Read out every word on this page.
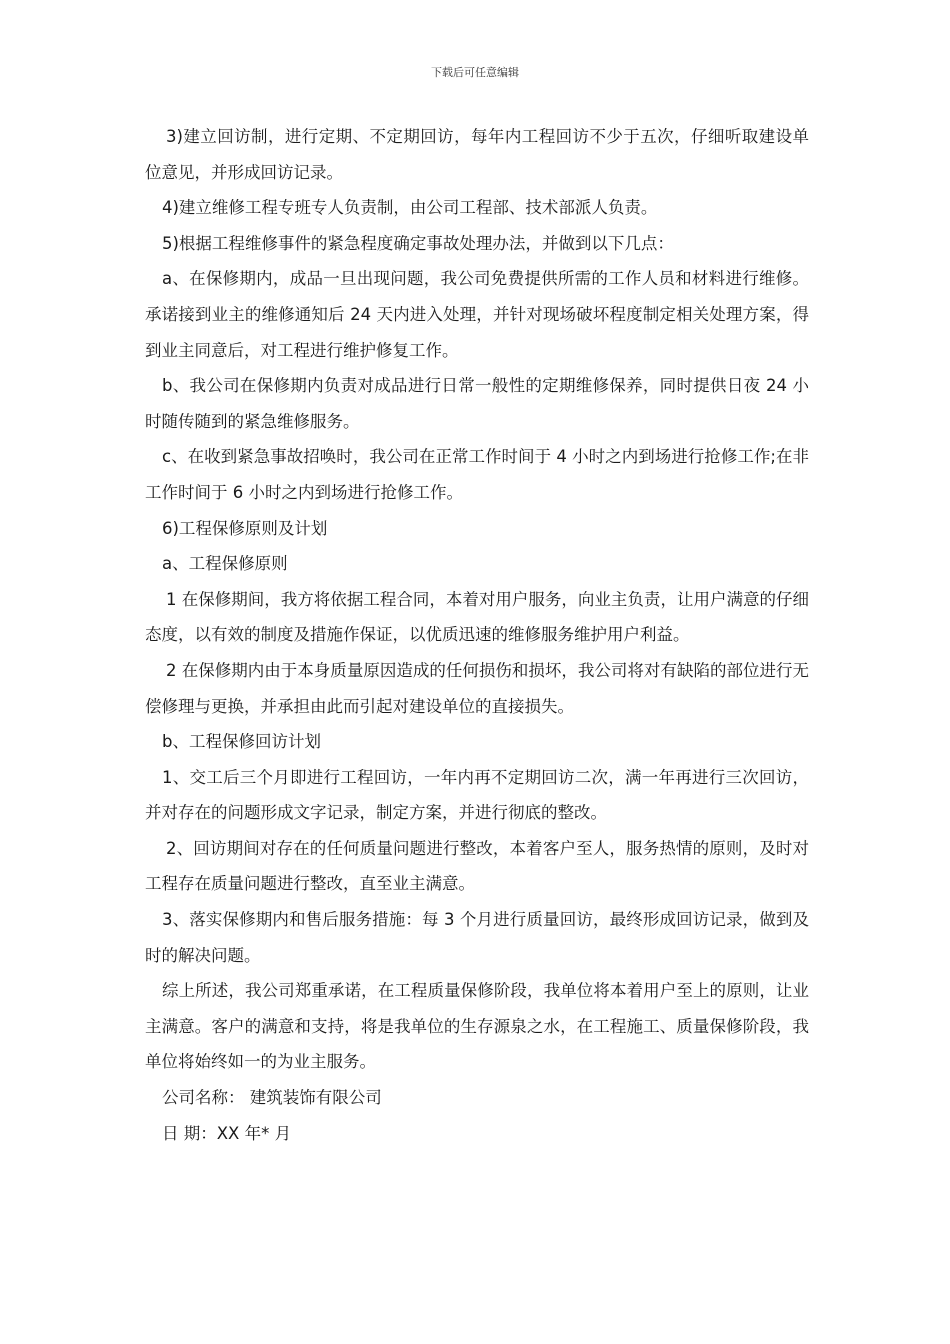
下载后可任意编辑

3)建立回访制，进行定期、不定期回访，每年内工程回访不少于五次，仔细听取建设单位意见，并形成回访记录。

4)建立维修工程专班专人负责制，由公司工程部、技术部派人负责。

5)根据工程维修事件的紧急程度确定事故处理办法，并做到以下几点：

a、在保修期内，成品一旦出现问题，我公司免费提供所需的工作人员和材料进行维修。承诺接到业主的维修通知后 24 天内进入处理，并针对现场破坏程度制定相关处理方案，得到业主同意后，对工程进行维护修复工作。

b、我公司在保修期内负责对成品进行日常一般性的定期维修保养，同时提供日夜 24 小时随传随到的紧急维修服务。

c、在收到紧急事故招唤时，我公司在正常工作时间于 4 小时之内到场进行抢修工作;在非工作时间于 6 小时之内到场进行抢修工作。

6)工程保修原则及计划

a、工程保修原则

1 在保修期间，我方将依据工程合同，本着对用户服务，向业主负责，让用户满意的仔细态度，以有效的制度及措施作保证，以优质迅速的维修服务维护用户利益。

2 在保修期内由于本身质量原因造成的任何损伤和损坏，我公司将对有缺陷的部位进行无偿修理与更换，并承担由此而引起对建设单位的直接损失。

b、工程保修回访计划

1、交工后三个月即进行工程回访，一年内再不定期回访二次，满一年再进行三次回访，并对存在的问题形成文字记录，制定方案，并进行彻底的整改。

2、回访期间对存在的任何质量问题进行整改，本着客户至人，服务热情的原则，及时对工程存在质量问题进行整改，直至业主满意。

3、落实保修期内和售后服务措施：每 3 个月进行质量回访，最终形成回访记录，做到及时的解决问题。

综上所述，我公司郑重承诺，在工程质量保修阶段，我单位将本着用户至上的原则，让业主满意。客户的满意和支持，将是我单位的生存源泉之水，在工程施工、质量保修阶段，我单位将始终如一的为业主服务。

公司名称： 建筑装饰有限公司

日 期：XX 年* 月
